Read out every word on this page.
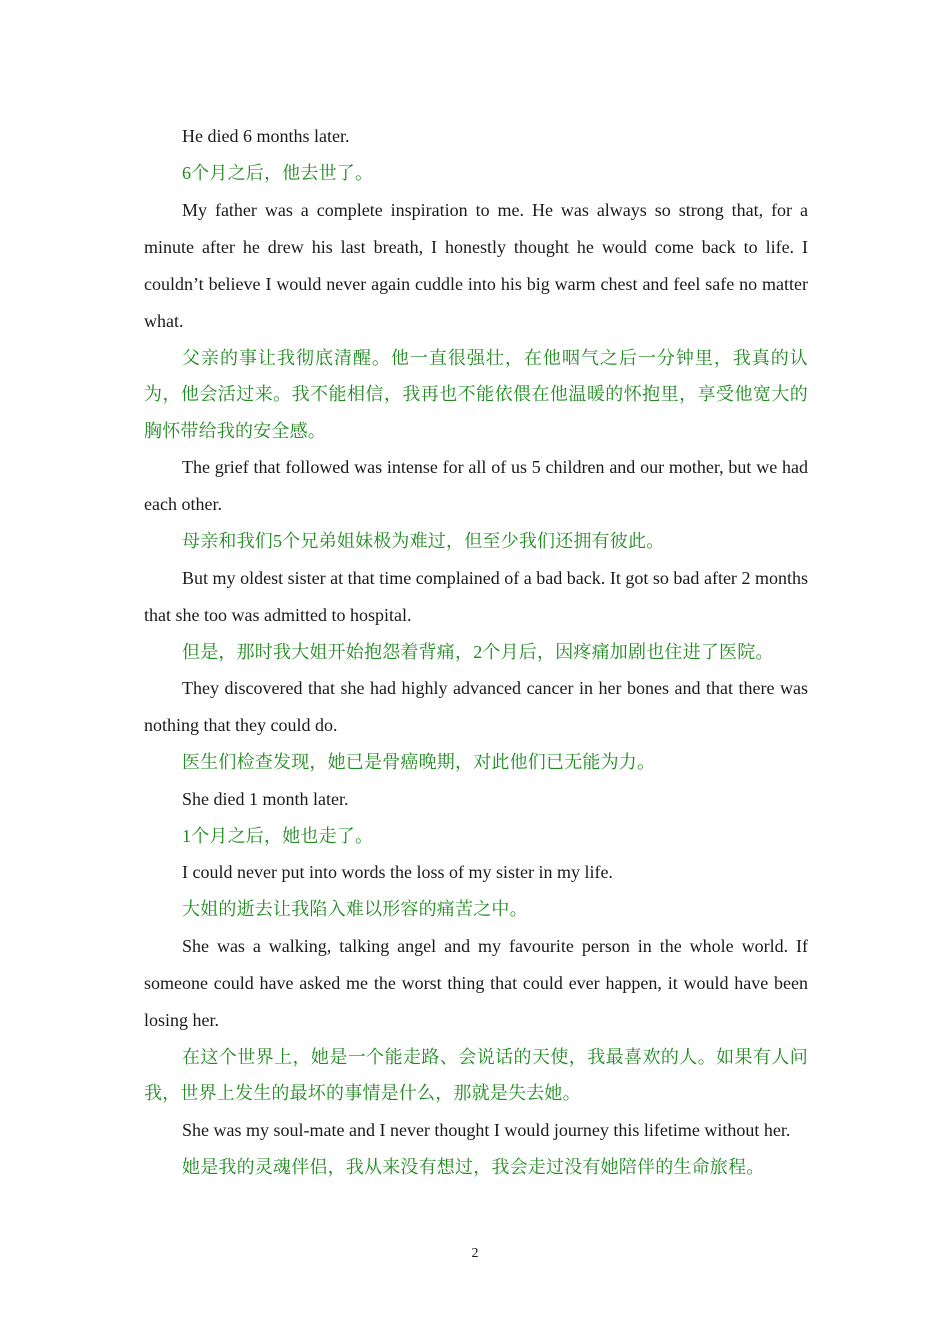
He died 6 months later.

6个月之后，他去世了。

My father was a complete inspiration to me. He was always so strong that, for a minute after he drew his last breath, I honestly thought he would come back to life. I couldn’t believe I would never again cuddle into his big warm chest and feel safe no matter what.

父亲的事让我彻底清醒。他一直很强壮，在他咽气之后一分钟里，我真的认为，他会活过来。我不能相信，我再也不能依偎在他温暖的怀抱里，享受他宽大的胸怀带给我的安全感。

The grief that followed was intense for all of us 5 children and our mother, but we had each other.

母亲和我们5个兄弟姐妹极为难过，但至少我们还拥有彼此。

But my oldest sister at that time complained of a bad back. It got so bad after 2 months that she too was admitted to hospital.

但是，那时我大姐开始抱怨着背痛，2个月后，因疼痛加剧也住进了医院。

They discovered that she had highly advanced cancer in her bones and that there was nothing that they could do.

医生们检查发现，她已是骨癌晚期，对此他们已无能为力。

She died 1 month later.

1个月之后，她也走了。

I could never put into words the loss of my sister in my life.

大姐的逝去让我陷入难以形容的痛苦之中。

She was a walking, talking angel and my favourite person in the whole world. If someone could have asked me the worst thing that could ever happen, it would have been losing her.

在这个世界上，她是一个能走路、会说话的天使，我最喜欢的人。如果有人问我，世界上发生的最坏的事情是什么，那就是失去她。

She was my soul-mate and I never thought I would journey this lifetime without her.

她是我的灵魂伴侣，我从来没有想过，我会走过没有她陪伴的生命旅程。

2
